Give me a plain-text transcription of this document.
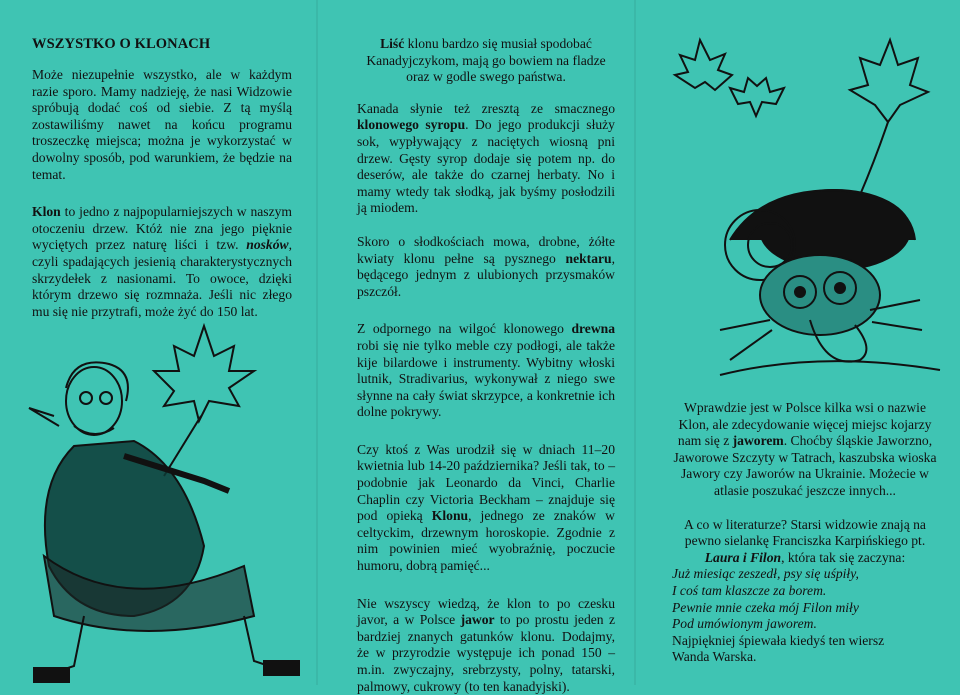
WSZYSTKO O KLONACH

Może niezupełnie wszystko, ale w każdym razie sporo. Mamy nadzieję, że nasi Widzowie spróbują dodać coś od siebie. Z tą myślą zostawiliśmy nawet na końcu programu troszeczkę miejsca; można je wykorzystać w dowolny sposób, pod warunkiem, że będzie na temat.

Klon to jedno z najpopularniejszych w naszym otoczeniu drzew. Któż nie zna jego pięknie wyciętych przez naturę liści i tzw. nosków, czyli spadających jesienią charakterystycznych skrzydełek z nasionami. To owoce, dzięki którym drzewo się rozmnaża. Jeśli nic złego mu się nie przytrafi, może żyć do 150 lat.

Liść klonu bardzo się musiał spodobać Kanadyjczykom, mają go bowiem na fladze oraz w godle swego państwa.

Kanada słynie też zresztą ze smacznego klonowego syropu. Do jego produkcji służy sok, wypływający z naciętych wiosną pni drzew. Gęsty syrop dodaje się potem np. do deserów, ale także do czarnej herbaty. No i mamy wtedy tak słodką, jak byśmy posłodzili ją miodem.

Skoro o słodkościach mowa, drobne, żółte kwiaty klonu pełne są pysznego nektaru, będącego jednym z ulubionych przysmaków pszczół.

Z odpornego na wilgoć klonowego drewna robi się nie tylko meble czy podłogi, ale także kije bilardowe i instrumenty. Wybitny włoski lutnik, Stradivarius, wykonywał z niego swe słynne na cały świat skrzypce, a konkretnie ich dolne pokrywy.

Czy ktoś z Was urodził się w dniach 11–20 kwietnia lub 14-20 października? Jeśli tak, to – podobnie jak Leonardo da Vinci, Charlie Chaplin czy Victoria Beckham – znajduje się pod opieką Klonu, jednego ze znaków w celtyckim, drzewnym horoskopie. Zgodnie z nim powinien mieć wyobraźnię, poczucie humoru, dobrą pamięć...

Nie wszyscy wiedzą, że klon to po czesku javor, a w Polsce jawor to po prostu jeden z bardziej znanych gatunków klonu. Dodajmy, że w przyrodzie występuje ich ponad 150 – m.in. zwyczajny, srebrzysty, polny, tatarski, palmowy, cukrowy (to ten kanadyjski).

Wprawdzie jest w Polsce kilka wsi o nazwie Klon, ale zdecydowanie więcej miejsc kojarzy nam się z jaworem. Choćby śląskie Jaworzno, Jaworowe Szczyty w Tatrach, kaszubska wioska Jawory czy Jaworów na Ukrainie. Możecie w atlasie poszukać jeszcze innych...

A co w literaturze? Starsi widzowie znają na pewno sielankę Franciszka Karpińskiego pt. Laura i Filon, która tak się zaczyna:

Już miesiąc zeszedł, psy się uśpiły,

I coś tam klaszcze za borem.

Pewnie mnie czeka mój Filon miły

Pod umówionym jaworem.

Najpiękniej śpiewała kiedyś ten wiersz

Wanda Warska.
